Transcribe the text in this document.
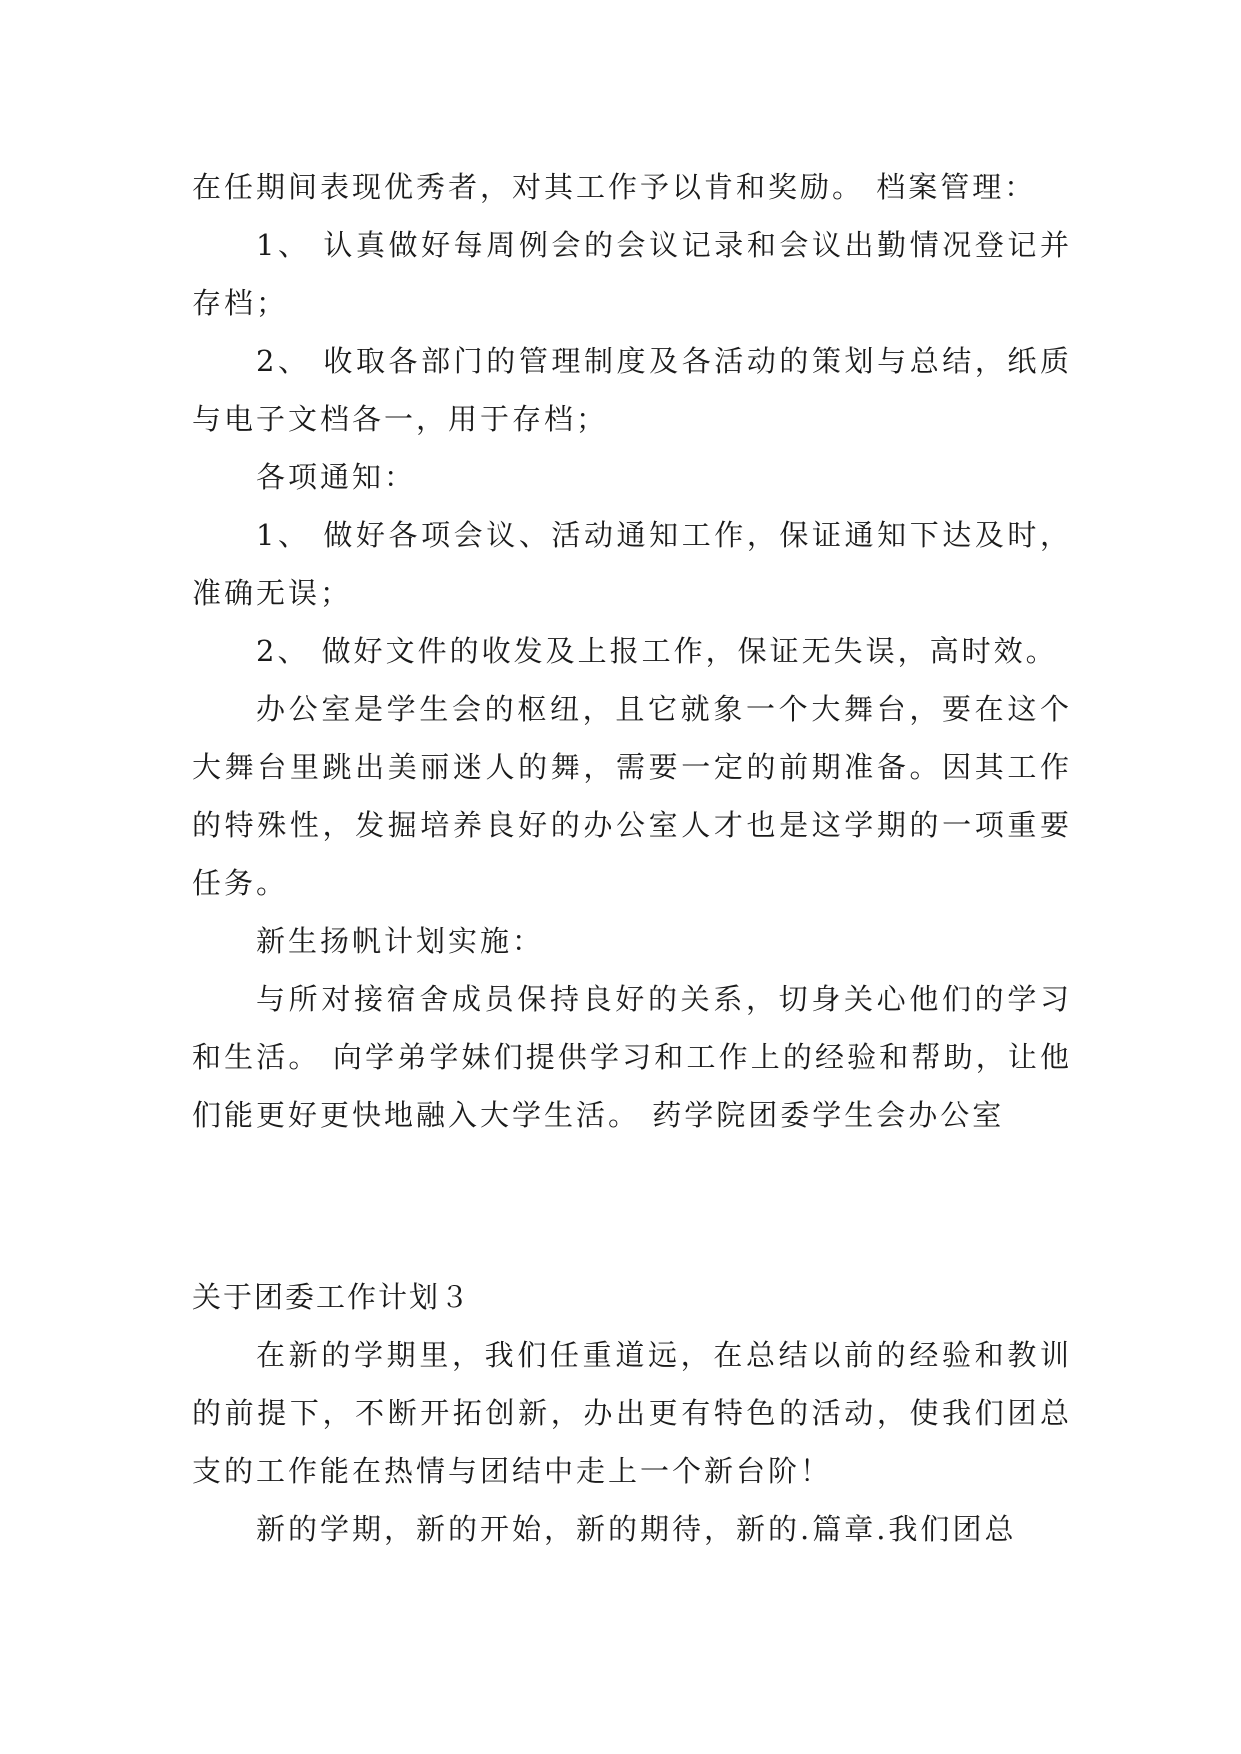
在任期间表现优秀者，对其工作予以肯和奖励。 档案管理：

1、 认真做好每周例会的会议记录和会议出勤情况登记并存档；

2、 收取各部门的管理制度及各活动的策划与总结，纸质与电子文档各一，用于存档；

各项通知：

1、 做好各项会议、活动通知工作，保证通知下达及时，准确无误；

2、 做好文件的收发及上报工作，保证无失误，高时效。

办公室是学生会的枢纽，且它就象一个大舞台，要在这个大舞台里跳出美丽迷人的舞，需要一定的前期准备。因其工作的特殊性，发掘培养良好的办公室人才也是这学期的一项重要任务。

新生扬帆计划实施：

与所对接宿舍成员保持良好的关系，切身关心他们的学习和生活。 向学弟学妹们提供学习和工作上的经验和帮助，让他们能更好更快地融入大学生活。 药学院团委学生会办公室

关于团委工作计划３

在新的学期里，我们任重道远，在总结以前的经验和教训的前提下，不断开拓创新，办出更有特色的活动，使我们团总支的工作能在热情与团结中走上一个新台阶！

新的学期，新的开始，新的期待，新的.篇章.我们团总
